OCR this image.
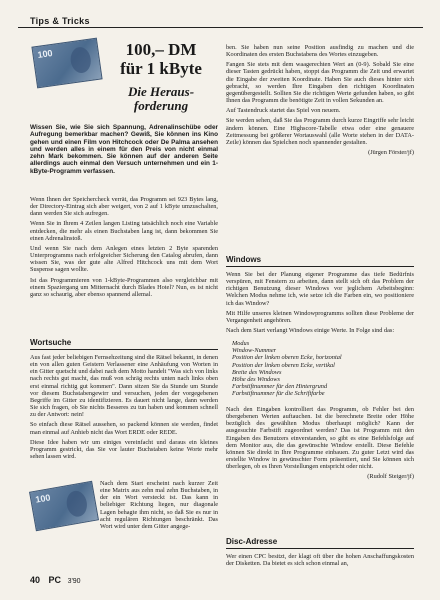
Tips & Tricks
100	100,– DM
für 1 kByte
Die Heraus-
forderung
Wissen Sie, wie Sie sich Spannung, Adrenalinschübe oder Aufregung bemerkbar machen? Gewiß, Sie können ins Kino gehen und einen Film von Hitchcock oder De Palma ansehen und werden alles in einem für den Preis von nicht einmal zehn Mark bekommen. Sie können auf der anderen Seite allerdings auch einmal den Versuch unternehmen und ein 1-kByte-Programm verfassen.

Wenn Ihnen der Speichercheck verrät, das Programm sei 923 Bytes lang, der Directory-Eintrag sich aber weigert, von 2 auf 1 kByte umzuschalten, dann werden Sie sich aufregen.

Wenn Sie in Ihrem 4 Zeilen langen Listing tatsächlich noch eine Variable entdecken, die mehr als einen Buchstaben lang ist, dann bekommen Sie einen Adrenalinstoß.

Und wenn Sie nach dem Anlegen eines letzten 2 Byte sparenden Unterprogramms nach erfolgreicher Sicherung den Catalog abrufen, dann wissen Sie, was der gute alte Alfred Hitchcock uns mit dem Wort Suspense sagen wollte.

Ist das Programmieren von 1-kByte-Programmen also vergleichbar mit einem Spaziergang um Mitternacht durch Blades Hotel? Nun, es ist nicht ganz so schaurig, aber ebenso spannend allemal.

Wortsuche

Aus fast jeder beliebigen Fernsehzeitung sind die Rätsel bekannt, in denen ein von allen guten Geistern Verlassener eine Anhäufung von Worten in ein Gitter quetscht und dabei nach dem Motto handelt "Was sich von links nach rechts gut macht, das muß von schräg rechts unten nach links oben erst einmal richtig gut kommen". Dann sitzen Sie da Stunde um Stunde vor diesem Buchstabengewirr und versuchen, jeden der vorgegebenen Begriffe im Gitter zu identifizieren. Es dauert nicht lange, dann werden Sie sich fragen, ob Sie nichts Besseres zu tun haben und kommen schnell zu der Antwort: nein!

So einfach diese Rätsel aussehen, so packend können sie werden, findet man einmal auf Anhieb nicht das Wort ERDE oder REDE.

Diese Idee haben wir um einiges vereinfacht und daraus ein kleines Programm gestrickt, das Sie vor lauter Buchstaben keine Worte mehr sehen lassen wird.

100

Nach dem Start erscheint nach kurzer Zeit eine Matrix aus zehn mal zehn Buchstaben, in der ein Wort versteckt ist. Das kann in beliebiger Richtung liegen, nur diagonale Lagen behagte ihm nicht, so daß Sie es nur in acht regulären Richtungen beschränkt. Das Wort wird unter dem Gitter angege-

ben. Sie haben nun seine Position ausfindig zu machen und die Koordinaten des ersten Buchstabens des Wortes einzugeben.

Fangen Sie stets mit dem waagerechten Wert an (0-9). Sobald Sie eine dieser Tasten gedrückt haben, stoppt das Programm die Zeit und erwartet die Eingabe der zweiten Koordinate. Haben Sie auch dieses hinter sich gebracht, so werden Ihre Eingaben den richtigen Koordinaten gegenübergestellt. Sollten Sie die richtigen Werte gefunden haben, so gibt Ihnen das Programm die benötigte Zeit in vollen Sekunden an.

Auf Tastendruck startet das Spiel von neuem.

Sie werden sehen, daß Sie das Programm durch kurze Eingriffe sehr leicht ändern können. Eine Highscore-Tabelle etwa oder eine genauere Zeitmessung bei größerer Wortauswahl (alle Worte stehen in der DATA-Zeile) können das Spielchen noch spannender gestalten.

(Jürgen Förster/jf)

Windows

Wenn Sie bei der Planung eigener Programme das tiefe Bedürfnis verspüren, mit Fenstern zu arbeiten, dann stellt sich oft das Problem der richtigen Benutzung dieser Windows vor jeglichem Arbeitsbeginn: Welchen Modus nehme ich, wie setze ich die Farben ein, wo positioniere ich das Window?

Mit Hilfe unseres kleinen Windowprogramms sollten diese Probleme der Vergangenheit angehören.

Nach dem Start verlangt Windows einige Werte. In Folge sind das:

Modus
Window-Nummer
Position der linken oberen Ecke, horizontal
Position der linken oberen Ecke, vertikal
Breite des Windows
Höhe des Windows
Farbstiftnummer für den Hintergrund
Farbstiftnummer für die Schriftfarbe

Nach den Eingaben kontrolliert das Programm, ob Fehler bei den übergebenen Werten auftauchen. Ist die berechnete Breite oder Höhe bezüglich des gewählten Modus überhaupt möglich? Kann der ausgesuchte Farbstift zugeordnet werden? Das ist Programm mit den Eingaben des Benutzers einverstanden, so gibt es eine Befehlsfolge auf dem Monitor aus, die das gewünschte Window erstellt. Diese Befehle können Sie direkt in Ihre Programme einbauen. Zu guter Letzt wird das erstellte Window in gewünschter Form präsentiert, und Sie können sich überlegen, ob es Ihren Vorstellungen entspricht oder nicht.

(Rudolf Steiger/jf)

Disc-Adresse

Wer einen CPC besitzt, der klagt oft über die hohen Anschaffungskosten der Disketten. Da bietet es sich schon einmal an,

40 PC 3'90
